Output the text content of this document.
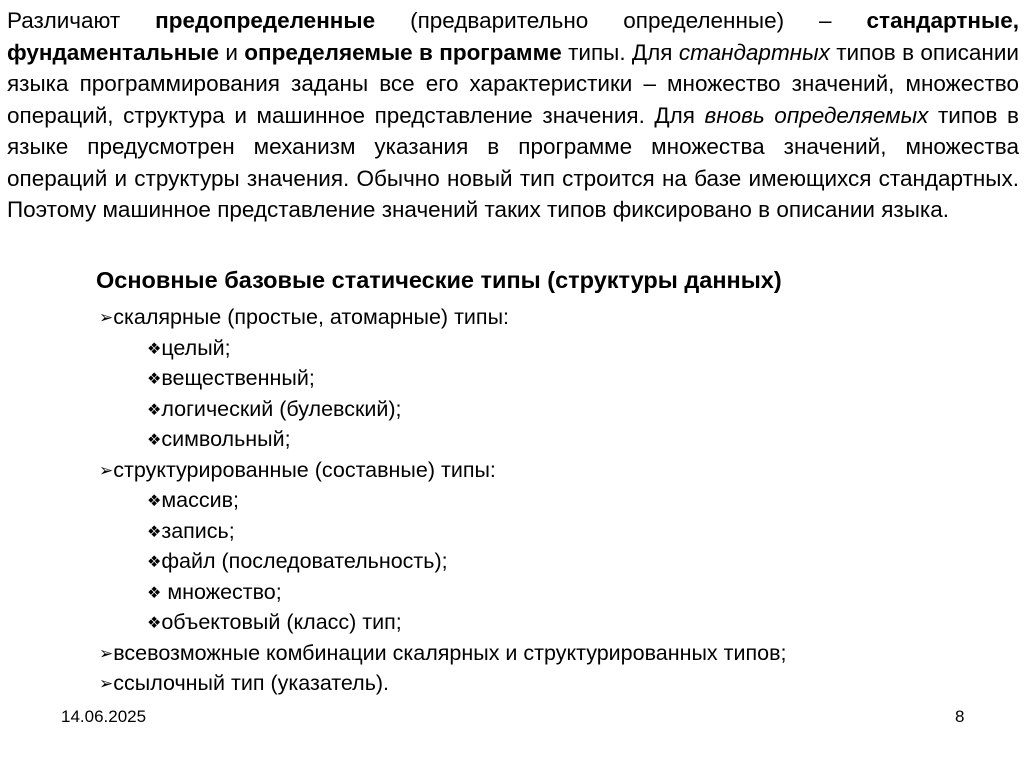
Различают предопределенные (предварительно определенные) – стандартные, фундаментальные и определяемые в программе типы. Для стандартных типов в описании языка программирования заданы все его характеристики – множество значений, множество операций, структура и машинное представление значения. Для вновь определяемых типов в языке предусмотрен механизм указания в программе множества значений, множества операций и структуры значения. Обычно новый тип строится на базе имеющихся стандартных. Поэтому машинное представление значений таких типов фиксировано в описании языка.

Основные базовые статические типы (структуры данных)
➢скалярные (простые, атомарные) типы:
❖целый;
❖вещественный;
❖логический (булевский);
❖символьный;
➢структурированные (составные) типы:
❖массив;
❖запись;
❖файл (последовательность);
❖ множество;
❖объектовый (класс) тип;
➢всевозможные комбинации скалярных и структурированных типов;
➢ссылочный тип (указатель).
14.06.2025	8
